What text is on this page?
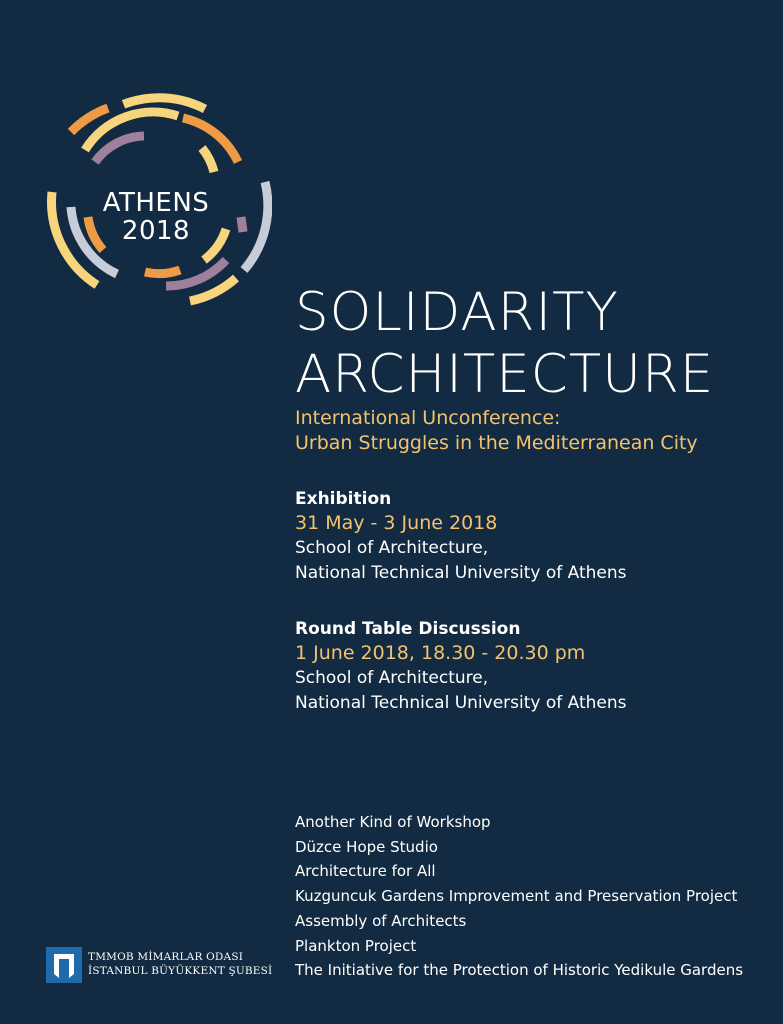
ATHENS
2018
SOLIDARITY
ARCHITECTURE
International Unconference:
Urban Struggles in the Mediterranean City
Exhibition
31 May - 3 June 2018
School of Architecture,
National Technical University of Athens
Round Table Discussion
1 June 2018, 18.30 - 20.30 pm
School of Architecture,
National Technical University of Athens
Another Kind of Workshop
Düzce Hope Studio
Architecture for All
Kuzguncuk Gardens Improvement and Preservation Project
Assembly of Architects
Plankton Project
The Initiative for the Protection of Historic Yedikule Gardens
TMMOB MİMARLAR ODASI
İSTANBUL BÜYÜKKENT ŞUBESİ
